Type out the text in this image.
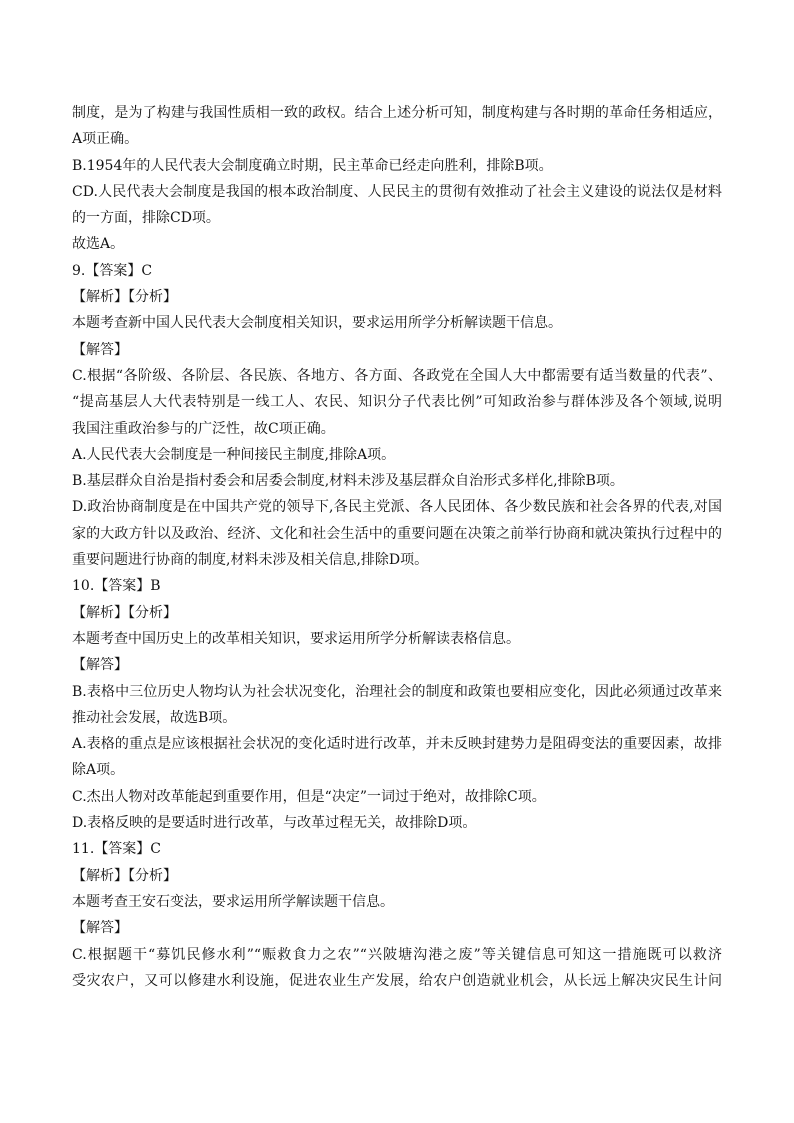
制度，是为了构建与我国性质相一致的政权。结合上述分析可知，制度构建与各时期的革命任务相适应，

A项正确。

B.1954年的人民代表大会制度确立时期，民主革命已经走向胜利，排除B项。

CD.人民代表大会制度是我国的根本政治制度、人民民主的贯彻有效推动了社会主义建设的说法仅是材料

的一方面，排除CD项。

故选A。

9.【答案】C

【解析】【分析】

本题考查新中国人民代表大会制度相关知识，要求运用所学分析解读题干信息。

【解答】

C.根据“各阶级、各阶层、各民族、各地方、各方面、各政党在全国人大中都需要有适当数量的代表”、

“提高基层人大代表特别是一线工人、农民、知识分子代表比例”可知政治参与群体涉及各个领域,说明

我国注重政治参与的广泛性，故C项正确。

A.人民代表大会制度是一种间接民主制度,排除A项。

B.基层群众自治是指村委会和居委会制度,材料未涉及基层群众自治形式多样化,排除B项。

D.政治协商制度是在中国共产党的领导下,各民主党派、各人民团体、各少数民族和社会各界的代表,对国

家的大政方针以及政治、经济、文化和社会生活中的重要问题在决策之前举行协商和就决策执行过程中的

重要问题进行协商的制度,材料未涉及相关信息,排除D项。

10.【答案】B

【解析】【分析】

本题考查中国历史上的改革相关知识，要求运用所学分析解读表格信息。

【解答】

B.表格中三位历史人物均认为社会状况变化，治理社会的制度和政策也要相应变化，因此必须通过改革来

推动社会发展，故选B项。

A.表格的重点是应该根据社会状况的变化适时进行改革，并未反映封建势力是阻碍变法的重要因素，故排

除A项。

C.杰出人物对改革能起到重要作用，但是“决定”一词过于绝对，故排除C项。

D.表格反映的是要适时进行改革，与改革过程无关，故排除D项。

11.【答案】C

【解析】【分析】

本题考查王安石变法，要求运用所学解读题干信息。

【解答】

C.根据题干“募饥民修水利”“赈救食力之农”“兴陂塘沟港之废”等关键信息可知这一措施既可以救济

受灾农户，又可以修建水利设施，促进农业生产发展，给农户创造就业机会，从长远上解决灾民生计问
